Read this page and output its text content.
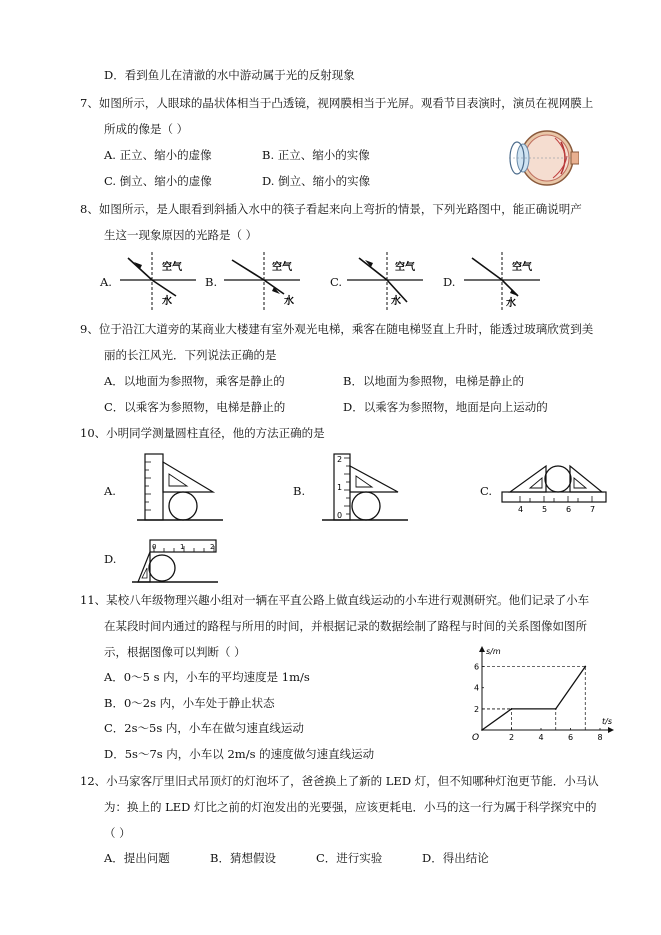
D．看到鱼儿在清澈的水中游动属于光的反射现象
7、如图所示，人眼球的晶状体相当于凸透镜，视网膜相当于光屏。观看节目表演时，演员在视网膜上
所成的像是（ ）
A. 正立、缩小的虚像	B. 正立、缩小的实像
C. 倒立、缩小的虚像	D. 倒立、缩小的实像
8、如图所示，是人眼看到斜插入水中的筷子看起来向上弯折的情景，下列光路图中，能正确说明产
生这一现象原因的光路是（ ）
A.	B.	C.	D.
空气
水
空气
水
空气
水
空气
水
9、位于沿江大道旁的某商业大楼建有室外观光电梯，乘客在随电梯竖直上升时，能透过玻璃欣赏到美
丽的长江风光．下列说法正确的是
A．以地面为参照物，乘客是静止的	B．以地面为参照物，电梯是静止的
C．以乘客为参照物，电梯是静止的	D．以乘客为参照物，地面是向上运动的
10、小明同学测量圆柱直径，他的方法正确的是
A.	B.	C.
D.
2
1
0
4 5 6 7
0	1	2
11、某校八年级物理兴趣小组对一辆在平直公路上做直线运动的小车进行观测研究。他们记录了小车
在某段时间内通过的路程与所用的时间，并根据记录的数据绘制了路程与时间的关系图像如图所
示，根据图像可以判断（ ）
A．0～5 s 内，小车的平均速度是 1m/s
B．0～2s 内，小车处于静止状态
C．2s～5s 内，小车在做匀速直线运动
D．5s～7s 内，小车以 2m/s 的速度做匀速直线运动
t/s
s/m
O	2	4	6	8
2
4
6
12、小马家客厅里旧式吊顶灯的灯泡坏了，爸爸换上了新的 LED 灯，但不知哪种灯泡更节能．小马认
为：换上的 LED 灯比之前的灯泡发出的光要强，应该更耗电．小马的这一行为属于科学探究中的
（ ）
A．提出问题	B．猜想假设	C．进行实验	D．得出结论
